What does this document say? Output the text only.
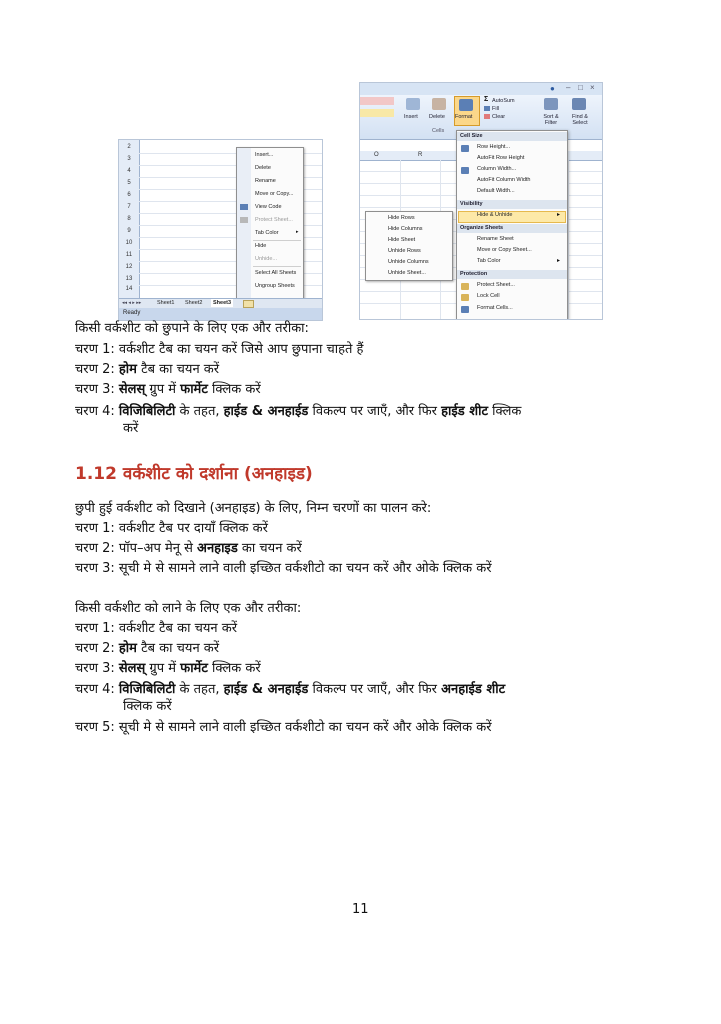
2
3
4
5
6
7
8
9
10
11
12
13
14
Insert...
Delete
Rename
Move or Copy...
View Code
Protect Sheet...
Tab Color	▸
Hide
Unhide...
Select All Sheets
Ungroup Sheets
◂◂ ◂ ▸ ▸▸	Sheet1	Sheet2	Sheet3
Ready
● – □ ×
Insert Delete Format
Cells
Σ AutoSum
Fill
Clear	Sort & Filter
Find & Select
O	R
Cell Size
Row Height...
AutoFit Row Height
Column Width...
AutoFit Column Width
Default Width...
Visibility
Hide & Unhide	▸
Organize Sheets
Rename Sheet
Move or Copy Sheet...
Tab Color	▸
Protection
Protect Sheet...
Lock Cell
Format Cells...
Hide Rows
Hide Columns
Hide Sheet
Unhide Rows
Unhide Columns
Unhide Sheet...
किसी वर्कशीट को छुपाने के लिए एक और तरीका:
चरण 1: वर्कशीट टैब का चयन करें जिसे आप छुपाना चाहते हैं
चरण 2: होम टैब का चयन करें
चरण 3: सेलस् ग्रुप में फार्मेट क्लिक करें
चरण 4: विजिबिलिटी के तहत, हाईड & अनहाईड विकल्प पर जाएँ, और फिर हाईड शीट क्लिक
करें
1.12 वर्कशीट को दर्शाना (अनहाइड)
छुपी हुई वर्कशीट को दिखाने (अनहाइड) के लिए, निम्न चरणों का पालन करे:
चरण 1: वर्कशीट टैब पर दायाँ क्लिक करें
चरण 2: पॉप–अप मेनू से अनहाइड का चयन करें
चरण 3: सूची मे से सामने लाने वाली इच्छित वर्कशीटो का चयन करें और ओके क्लिक करें
किसी वर्कशीट को लाने के लिए एक और तरीका:
चरण 1: वर्कशीट टैब का चयन करें
चरण 2: होम टैब का चयन करें
चरण 3: सेलस् ग्रुप में फार्मेट क्लिक करें
चरण 4: विजिबिलिटी के तहत, हाईड & अनहाईड विकल्प पर जाएँ, और फिर अनहाईड शीट
क्लिक करें
चरण 5: सूची मे से सामने लाने वाली इच्छित वर्कशीटो का चयन करें और ओके क्लिक करें
11
